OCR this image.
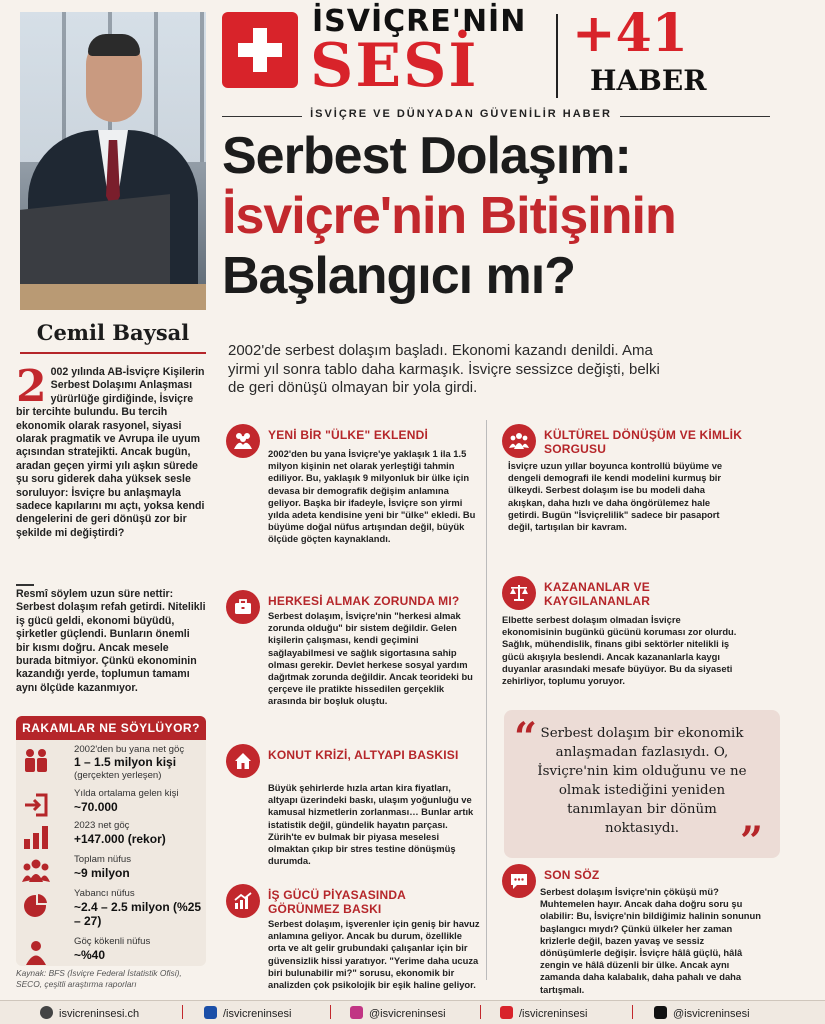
Cemil Baysal
İSVİÇRE'NİN
SESİ +41
HABER
İSVİÇRE VE DÜNYADAN GÜVENİLİR HABER
Serbest Dolaşım:
İsviçre'nin Bitişinin
Başlangıcı mı?
2002'de serbest dolaşım başladı. Ekonomi kazandı denildi. Ama yirmi yıl sonra tablo daha karmaşık. İsviçre sessizce değişti, belki de geri dönüşü olmayan bir yola girdi.
2 002 yılında AB-İsviçre Kişilerin Serbest Dolaşımı Anlaşması yürürlüğe girdiğinde, İsviçre bir tercihte bulundu. Bu tercih ekonomik olarak rasyonel, siyasi olarak pragmatik ve Avrupa ile uyum açısından stratejikti. Ancak bugün, aradan geçen yirmi yılı aşkın sürede şu soru giderek daha yüksek sesle soruluyor: İsviçre bu anlaşmayla sadece kapılarını mı açtı, yoksa kendi dengelerini de geri dönüşü zor bir şekilde mi değiştirdi?
Resmî söylem uzun süre nettir: Serbest dolaşım refah getirdi. Nitelikli iş gücü geldi, ekonomi büyüdü, şirketler güçlendi. Bunların önemli bir kısmı doğru. Ancak mesele burada bitmiyor. Çünkü ekonominin kazandığı yerde, toplumun tamamı aynı ölçüde kazanmıyor.
RAKAMLAR NE SÖYLÜYOR?
2002'den bu yana net göç
1 – 1.5 milyon kişi
(gerçekten yerleşen)
Yılda ortalama gelen kişi
~70.000
2023 net göç
+147.000 (rekor)
Toplam nüfus
~9 milyon
Yabancı nüfus
~2.4 – 2.5 milyon (%25 – 27)
Göç kökenli nüfus
~%40
Kaynak: BFS (İsviçre Federal İstatistik Ofisi), SECO, çeşitli araştırma raporları
YENİ BİR "ÜLKE" EKLENDİ
2002'den bu yana İsviçre'ye yaklaşık 1 ila 1.5 milyon kişinin net olarak yerleştiği tahmin ediliyor. Bu, yaklaşık 9 milyonluk bir ülke için devasa bir demografik değişim anlamına geliyor. Başka bir ifadeyle, İsviçre son yirmi yılda adeta kendisine yeni bir "ülke" ekledi. Bu büyüme doğal nüfus artışından değil, büyük ölçüde göçten kaynaklandı.
HERKESİ ALMAK ZORUNDA MI?
Serbest dolaşım, İsviçre'nin "herkesi almak zorunda olduğu" bir sistem değildir. Gelen kişilerin çalışması, kendi geçimini sağlayabilmesi ve sağlık sigortasına sahip olması gerekir. Devlet herkese sosyal yardım dağıtmak zorunda değildir. Ancak teorideki bu çerçeve ile pratikte hissedilen gerçeklik arasında bir boşluk oluştu.
KONUT KRİZİ, ALTYAPI BASKISI
Büyük şehirlerde hızla artan kira fiyatları, altyapı üzerindeki baskı, ulaşım yoğunluğu ve kamusal hizmetlerin zorlanması… Bunlar artık istatistik değil, gündelik hayatın parçası. Zürih'te ev bulmak bir piyasa meselesi olmaktan çıkıp bir stres testine dönüşmüş durumda.
İŞ GÜCÜ PİYASASINDA GÖRÜNMEZ BASKI
Serbest dolaşım, işverenler için geniş bir havuz anlamına geliyor. Ancak bu durum, özellikle orta ve alt gelir grubundaki çalışanlar için bir güvensizlik hissi yaratıyor. "Yerime daha ucuza biri bulunabilir mi?" sorusu, ekonomik bir analizden çok psikolojik bir eşik haline geliyor.
KÜLTÜREL DÖNÜŞÜM VE KİMLİK SORGUSU
İsviçre uzun yıllar boyunca kontrollü büyüme ve dengeli demografi ile kendi modelini kurmuş bir ülkeydi. Serbest dolaşım ise bu modeli daha akışkan, daha hızlı ve daha öngörülemez hale getirdi. Bugün "İsviçrelilik" sadece bir pasaport değil, tartışılan bir kavram.
KAZANANLAR VE KAYGILANANLAR
Elbette serbest dolaşım olmadan İsviçre ekonomisinin bugünkü gücünü koruması zor olurdu. Sağlık, mühendislik, finans gibi sektörler nitelikli iş gücü akışıyla beslendi. Ancak kazananlarla kaygı duyanlar arasındaki mesafe büyüyor. Bu da siyaseti zehirliyor, toplumu yoruyor.
“ Serbest dolaşım bir ekonomik anlaşmadan fazlasıydı. O, İsviçre'nin kim olduğunu ve ne olmak istediğini yeniden tanımlayan bir dönüm noktasıydı.	”
SON SÖZ
Serbest dolaşım İsviçre'nin çöküşü mü? Muhtemelen hayır. Ancak daha doğru soru şu olabilir: Bu, İsviçre'nin bildiğimiz halinin sonunun başlangıcı mıydı? Çünkü ülkeler her zaman krizlerle değil, bazen yavaş ve sessiz dönüşümlerle değişir. İsviçre hâlâ güçlü, hâlâ zengin ve hâlâ düzenli bir ülke. Ancak aynı zamanda daha kalabalık, daha pahalı ve daha tartışmalı.
isvicreninsesi.ch	/isvicreninsesi	@isvicreninsesi	/isvicreninsesi	@isvicreninsesi
